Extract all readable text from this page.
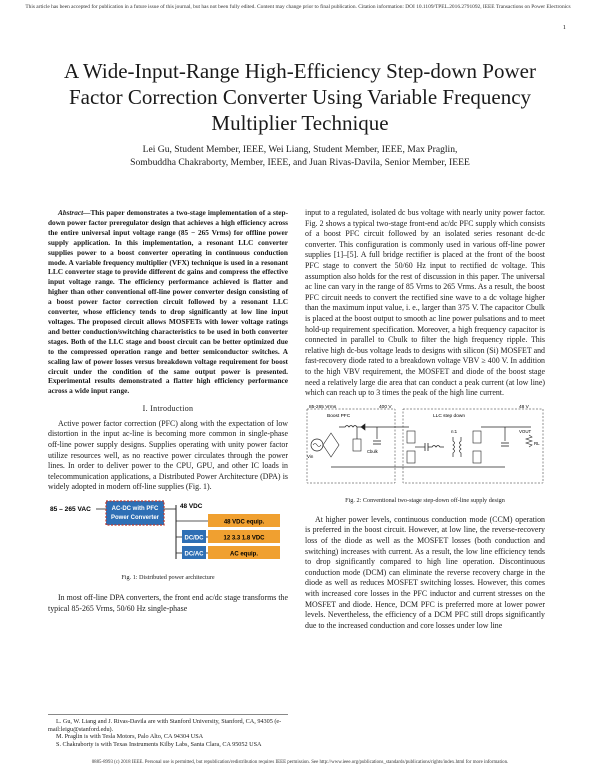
This article has been accepted for publication in a future issue of this journal, but has not been fully edited. Content may change prior to final publication. Citation information: DOI 10.1109/TPEL.2016.2791092, IEEE Transactions on Power Electronics
1
A Wide-Input-Range High-Efficiency Step-down Power Factor Correction Converter Using Variable Frequency Multiplier Technique
Lei Gu, Student Member, IEEE, Wei Liang, Student Member, IEEE, Max Praglin,
Sombuddha Chakraborty, Member, IEEE, and Juan Rivas-Davila, Senior Member, IEEE

Abstract—This paper demonstrates a two-stage implementation of a step-down power factor preregulator design that achieves a high efficiency across the entire universal input voltage range (85 − 265 Vrms) for offline power supply application. In this implementation, a resonant LLC converter supplies power to a boost converter operating in continuous conduction mode. A variable frequency multiplier (VFX) technique is used in a resonant LLC converter stage to provide different dc gains and compress the effective input voltage range. The efficiency performance achieved is flatter and higher than other conventional off-line power converter design consisting of a boost power factor correction circuit followed by a resonant LLC converter, whose efficiency tends to drop significantly at low line input voltages. The proposed circuit allows MOSFETs with lower voltage ratings and better conduction/switching characteristics to be used in both converter stages. Both of the LLC stage and boost circuit can be better optimized due to the compressed operation range and better semiconductor switches. A scaling law of power losses versus breakdown voltage requirement for boost circuit under the condition of the same output power is presented. Experimental results demonstrated a flatter high efficiency performance across a wide input range.

I. Introduction

Active power factor correction (PFC) along with the expectation of low distortion in the input ac-line is becoming more common in single-phase off-line power supply designs. Supplies operating with unity power factor utilize resources well, as no reactive power circulates through the power lines. In order to deliver power to the CPU, GPU, and other IC loads in telecommunication applications, a Distributed Power Architecture (DPA) is widely adopted in modern off-line supplies (Fig. 1).

85 – 265 VAC	AC-DC with PFC
Power Converter
48 VDC
48 VDC equip.
DC/DC	12 3.3 1.8 VDC
DC/AC	AC equip.
Fig. 1: Distributed power architecture

In most off-line DPA converters, the front end ac/dc stage transforms the typical 85-265 Vrms, 50/60 Hz single-phase

input to a regulated, isolated dc bus voltage with nearly unity power factor. Fig. 2 shows a typical two-stage front-end ac/dc PFC supply which consists of a boost PFC circuit followed by an isolated series resonant dc-dc converter. This configuration is commonly used in various off-line power supplies [1]–[5]. A full bridge rectifier is placed at the front of the boost PFC stage to convert the 50/60 Hz input to rectified dc voltage. This assumption also holds for the rest of discussion in this paper. The universal ac line can vary in the range of 85 Vrms to 265 Vrms. As a result, the boost PFC circuit needs to convert the rectified sine wave to a dc voltage higher than the maximum input value, i. e., larger than 375 V. The capacitor Cbulk is placed at the boost output to smooth ac line power pulsations and to meet hold-up requirement specification. Moreover, a high frequency capacitor is connected in parallel to Cbulk to filter the high frequency ripple. This relative high dc-bus voltage leads to designs with silicon (Si) MOSFET and fast-recovery diode rated to a breakdown voltage VBV ≥ 400 V. In addition to the high VBV requirement, the MOSFET and diode of the boost stage need a relatively large die area that can conduct a peak current (at low line) which can reach up to 3 times the peak of the high line current.

85-265 Vrms
Boost PFC
400 V
LLC step down
48 V
Vin
Cbulk
n:1	VOUT
RL
Fig. 2: Conventional two-stage step-down off-line supply design

At higher power levels, continuous conduction mode (CCM) operation is preferred in the boost circuit. However, at low line, the reverse-recovery loss of the diode as well as the MOSFET losses (both conduction and switching) increases with current. As a result, the low line efficiency tends to drop significantly compared to high line operation. Discontinuous conduction mode (DCM) can eliminate the reverse recovery charge in the diode as well as reduces MOSFET switching losses. However, this comes with increased core losses in the PFC inductor and current stresses on the MOSFET and diode. Hence, DCM PFC is preferred more at lower power levels. Nevertheless, the efficiency of a DCM PFC still drops significantly due to the increased conduction and core losses under low line

L. Gu, W. Liang and J. Rivas-Davila are with Stanford University, Stanford, CA, 94305 (e-mail:leigu@stanford.edu).
M. Praglin is with Tesla Motors, Palo Alto, CA 94304 USA
S. Chakraborty is with Texas Instruments Kilby Labs, Santa Clara, CA 95052 USA
0885-8993 (c) 2018 IEEE. Personal use is permitted, but republication/redistribution requires IEEE permission. See http://www.ieee.org/publications_standards/publications/rights/index.html for more information.
